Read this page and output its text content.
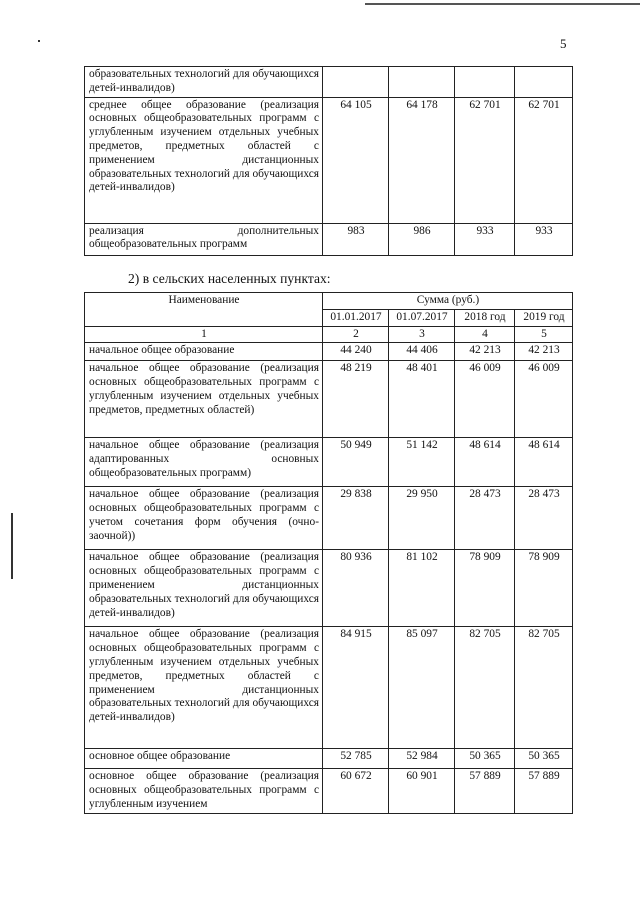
5
образовательных технологий для обучающихся детей-инвалидов)				
среднее общее образование (реализация основных общеобразовательных программ с углубленным изучением отдельных учебных предметов, предметных областей с применением дистанционных образовательных технологий для обучающихся детей-инвалидов)	64 105	64 178	62 701	62 701
реализация дополнительных общеобразовательных программ	983	986	933	933
2) в сельских населенных пунктах:
Наименование	Сумма (руб.)			
	01.01.2017	01.07.2017	2018 год	2019 год
1	2	3	4	5
начальное общее образование	44 240	44 406	42 213	42 213
начальное общее образование (реализация основных общеобразовательных программ с углубленным изучением отдельных учебных предметов, предметных областей)	48 219	48 401	46 009	46 009
начальное общее образование (реализация адаптированных основных общеобразовательных программ)	50 949	51 142	48 614	48 614
начальное общее образование (реализация основных общеобразовательных программ с учетом сочетания форм обучения (очно-заочной))	29 838	29 950	28 473	28 473
начальное общее образование (реализация основных общеобразовательных программ с применением дистанционных образовательных технологий для обучающихся детей-инвалидов)	80 936	81 102	78 909	78 909
начальное общее образование (реализация основных общеобразовательных программ с углубленным изучением отдельных учебных предметов, предметных областей с применением дистанционных образовательных технологий для обучающихся детей-инвалидов)	84 915	85 097	82 705	82 705
основное общее образование	52 785	52 984	50 365	50 365
основное общее образование (реализация основных общеобразовательных программ с углубленным изучением	60 672	60 901	57 889	57 889
